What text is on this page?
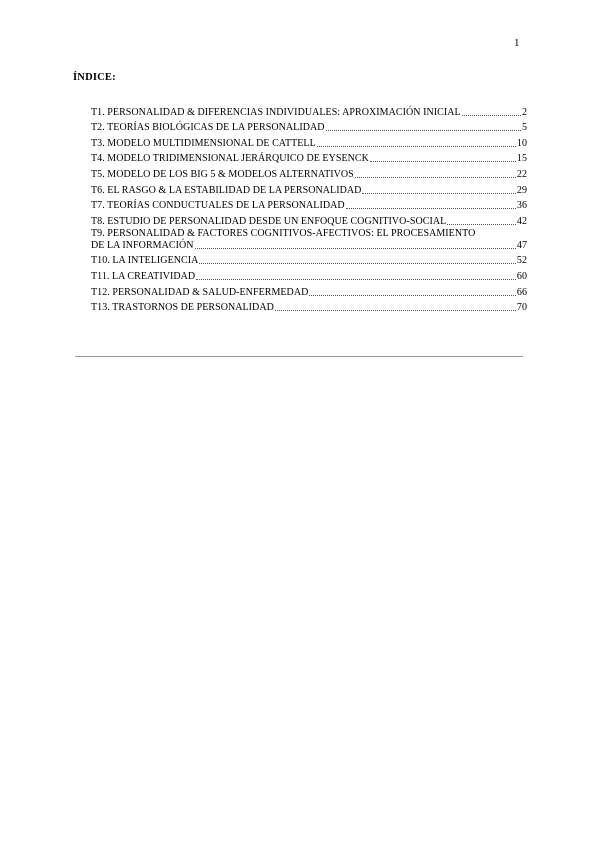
1
ÍNDICE:
T1. PERSONALIDAD & DIFERENCIAS INDIVIDUALES: APROXIMACIÓN INICIAL	2
T2. TEORÍAS BIOLÓGICAS DE LA PERSONALIDAD	5
T3. MODELO MULTIDIMENSIONAL DE CATTELL	10
T4. MODELO TRIDIMENSIONAL JERÁRQUICO DE EYSENCK	15
T5. MODELO DE LOS BIG 5 & MODELOS ALTERNATIVOS	22
T6. EL RASGO & LA ESTABILIDAD DE LA PERSONALIDAD	29
T7. TEORÍAS CONDUCTUALES DE LA PERSONALIDAD	36
T8. ESTUDIO DE PERSONALIDAD DESDE UN ENFOQUE COGNITIVO-SOCIAL	42
T9. PERSONALIDAD & FACTORES COGNITIVOS-AFECTIVOS: EL PROCESAMIENTO
DE LA INFORMACIÓN	47
T10. LA INTELIGENCIA	52
T11. LA CREATIVIDAD	60
T12. PERSONALIDAD & SALUD-ENFERMEDAD	66
T13. TRASTORNOS DE PERSONALIDAD	70
